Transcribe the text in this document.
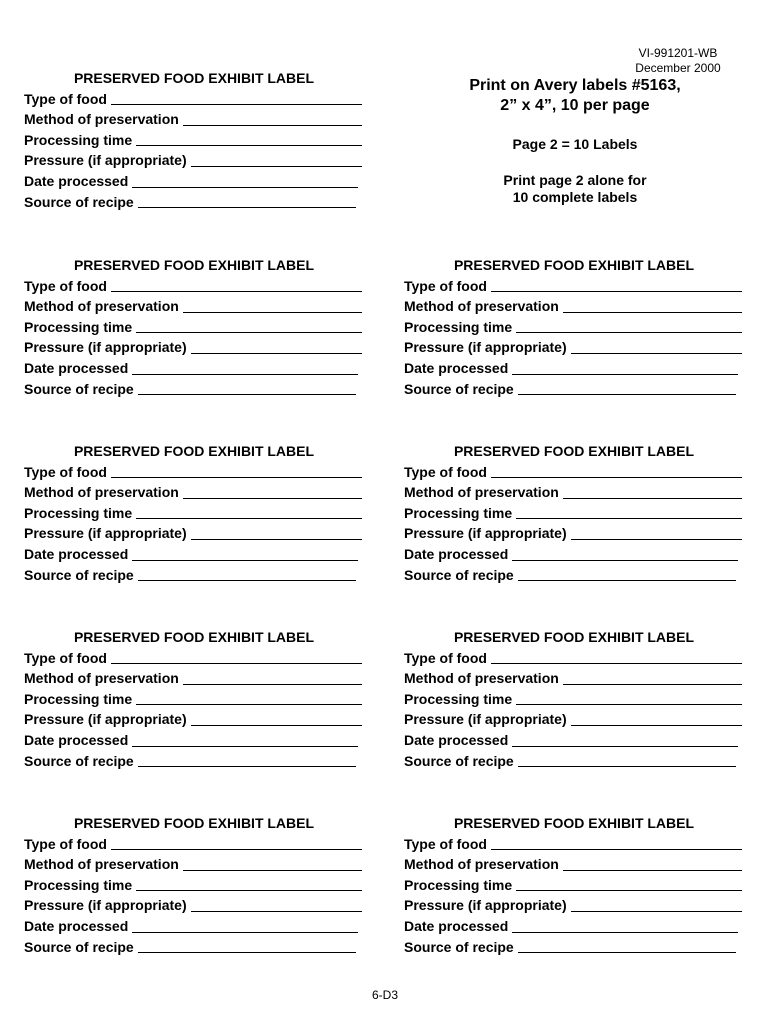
VI-991201-WB
December 2000
Print on Avery labels #5163,
2” x 4”, 10 per page
Page 2 = 10 Labels
Print page 2 alone for
10 complete labels
PRESERVED FOOD EXHIBIT LABEL
Type of food
Method of preservation
Processing time
Pressure (if appropriate)
Date processed
Source of recipe
PRESERVED FOOD EXHIBIT LABEL
Type of food
Method of preservation
Processing time
Pressure (if appropriate)
Date processed
Source of recipe
PRESERVED FOOD EXHIBIT LABEL
Type of food
Method of preservation
Processing time
Pressure (if appropriate)
Date processed
Source of recipe
PRESERVED FOOD EXHIBIT LABEL
Type of food
Method of preservation
Processing time
Pressure (if appropriate)
Date processed
Source of recipe
PRESERVED FOOD EXHIBIT LABEL
Type of food
Method of preservation
Processing time
Pressure (if appropriate)
Date processed
Source of recipe
PRESERVED FOOD EXHIBIT LABEL
Type of food
Method of preservation
Processing time
Pressure (if appropriate)
Date processed
Source of recipe
PRESERVED FOOD EXHIBIT LABEL
Type of food
Method of preservation
Processing time
Pressure (if appropriate)
Date processed
Source of recipe
PRESERVED FOOD EXHIBIT LABEL
Type of food
Method of preservation
Processing time
Pressure (if appropriate)
Date processed
Source of recipe
PRESERVED FOOD EXHIBIT LABEL
Type of food
Method of preservation
Processing time
Pressure (if appropriate)
Date processed
Source of recipe
6-D3
